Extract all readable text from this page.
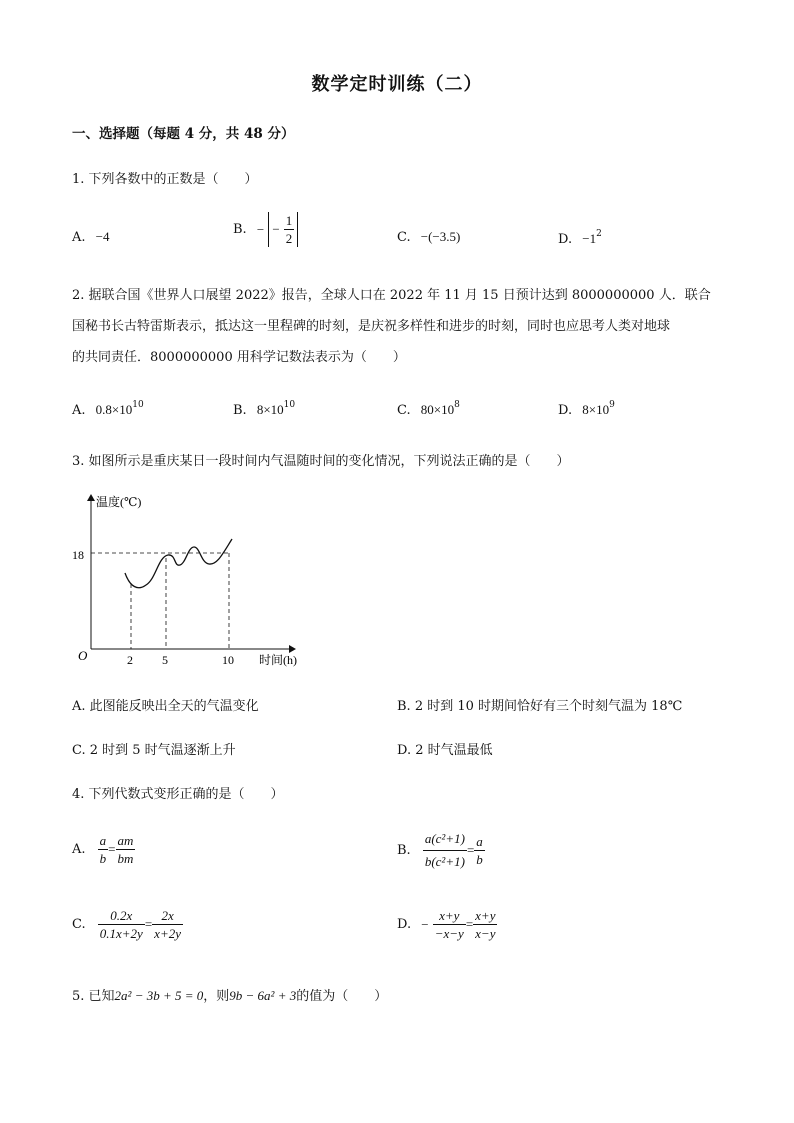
数学定时训练（二）
一、选择题（每题 4 分，共 48 分）
1. 下列各数中的正数是（　　）
A. −4	B. − − $\frac{1}{2}$	C. −(−3.5)	D. $-1^2$
2. 据联合国《世界人口展望 2022》报告，全球人口在 2022 年 11 月 15 日预计达到 8000000000 人．联合
国秘书长古特雷斯表示，抵达这一里程碑的时刻，是庆祝多样性和进步的时刻，同时也应思考人类对地球
的共同责任．8000000000 用科学记数法表示为（　　）
A. $0.8\times 10^{10}$	B. $8\times 10^{10}$	C. $80\times 10^8$	D. $8\times 10^9$
3. 如图所示是重庆某日一段时间内气温随时间的变化情况，下列说法正确的是（　　）
温度(℃)
18
O	2 5	10 时间(h)
A. 此图能反映出全天的气温变化	B. 2 时到 10 时期间恰好有三个时刻气温为 18℃
C. 2 时到 5 时气温逐渐上升	D. 2 时气温最低
4. 下列代数式变形正确的是（　　）
A. $\frac{a}{b} = \frac{am}{bm}$	B. $\frac{\text{a(c²+1)}}{\text{b(c²+1)}} = \frac{a}{b}$
C. $\frac{0.2x}{0.1x+2y} = \frac{2x}{x+2y}$	D. − $\frac{x+y}{-x-y} = \frac{x+y}{x-y}$
5. 已知2a² − 3b + 5 = 0，则9b − 6a² + 3的值为（　　）
